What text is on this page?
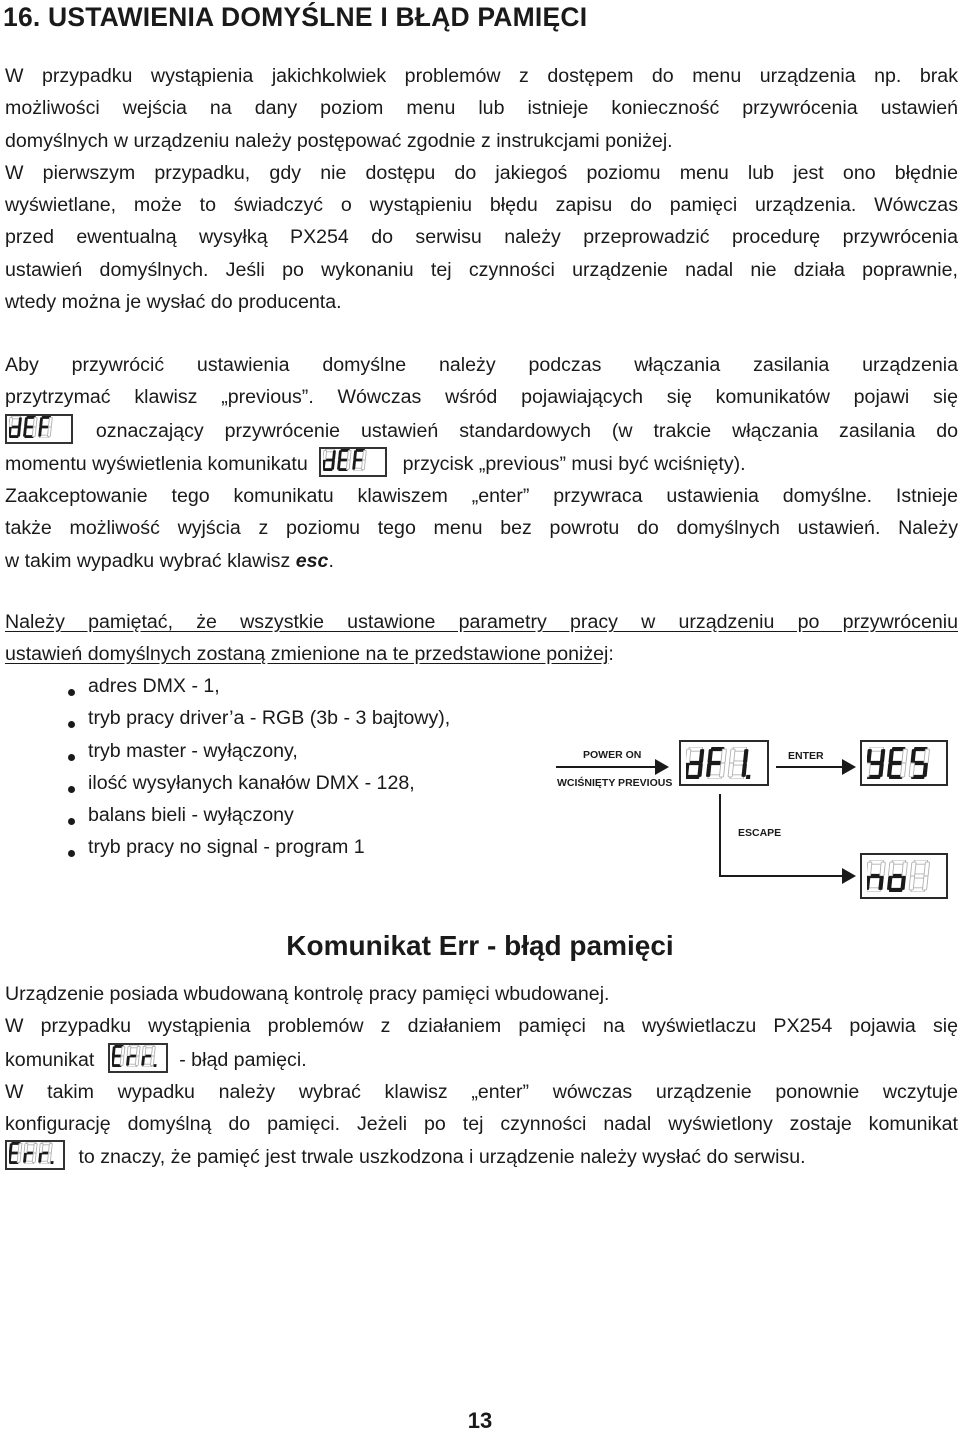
16. USTAWIENIA DOMYŚLNE I BŁĄD PAMIĘCI
W przypadku wystąpienia jakichkolwiek problemów z dostępem do menu urządzenia np. brak
możliwości wejścia na dany poziom menu lub istnieje konieczność przywrócenia ustawień
domyślnych w urządzeniu należy postępować zgodnie z instrukcjami poniżej.
W pierwszym przypadku, gdy nie dostępu do jakiegoś poziomu menu lub jest ono błędnie
wyświetlane, może to świadczyć o wystąpieniu błędu zapisu do pamięci urządzenia. Wówczas
przed ewentualną wysyłką PX254 do serwisu należy przeprowadzić procedurę przywrócenia
ustawień domyślnych. Jeśli po wykonaniu tej czynności urządzenie nadal nie działa poprawnie,
wtedy można je wysłać do producenta.
Aby przywrócić ustawienia domyślne należy podczas włączania zasilania urządzenia
przytrzymać klawisz „previous”. Wówczas wśród pojawiających się komunikatów pojawi się
oznaczający przywrócenie ustawień standardowych (w trakcie włączania zasilania do
momentu wyświetlenia komunikatu	przycisk „previous” musi być wciśnięty).
Zaakceptowanie tego komunikatu klawiszem „enter” przywraca ustawienia domyślne. Istnieje
także możliwość wyjścia z poziomu tego menu bez powrotu do domyślnych ustawień. Należy
w takim wypadku wybrać klawisz esc.
Należy pamiętać, że wszystkie ustawione parametry pracy w urządzeniu po przywróceniu
ustawień domyślnych zostaną zmienione na te przedstawione poniżej:
adres DMX - 1,
tryb pracy driver’a - RGB (3b - 3 bajtowy),
tryb master - wyłączony,
ilość wysyłanych kanałów DMX - 128,
balans bieli - wyłączony
tryb pracy no signal - program 1
POWER ON
WCIŚNIĘTY PREVIOUS
ENTER
ESCAPE
Komunikat Err - błąd pamięci
Urządzenie posiada wbudowaną kontrolę pracy pamięci wbudowanej.
W przypadku wystąpienia problemów z działaniem pamięci na wyświetlaczu PX254 pojawia się
komunikat	- błąd pamięci.
W takim wypadku należy wybrać klawisz „enter” wówczas urządzenie ponownie wczytuje
konfigurację domyślną do pamięci. Jeżeli po tej czynności nadal wyświetlony zostaje komunikat
to znaczy, że pamięć jest trwale uszkodzona i urządzenie należy wysłać do serwisu.
13
